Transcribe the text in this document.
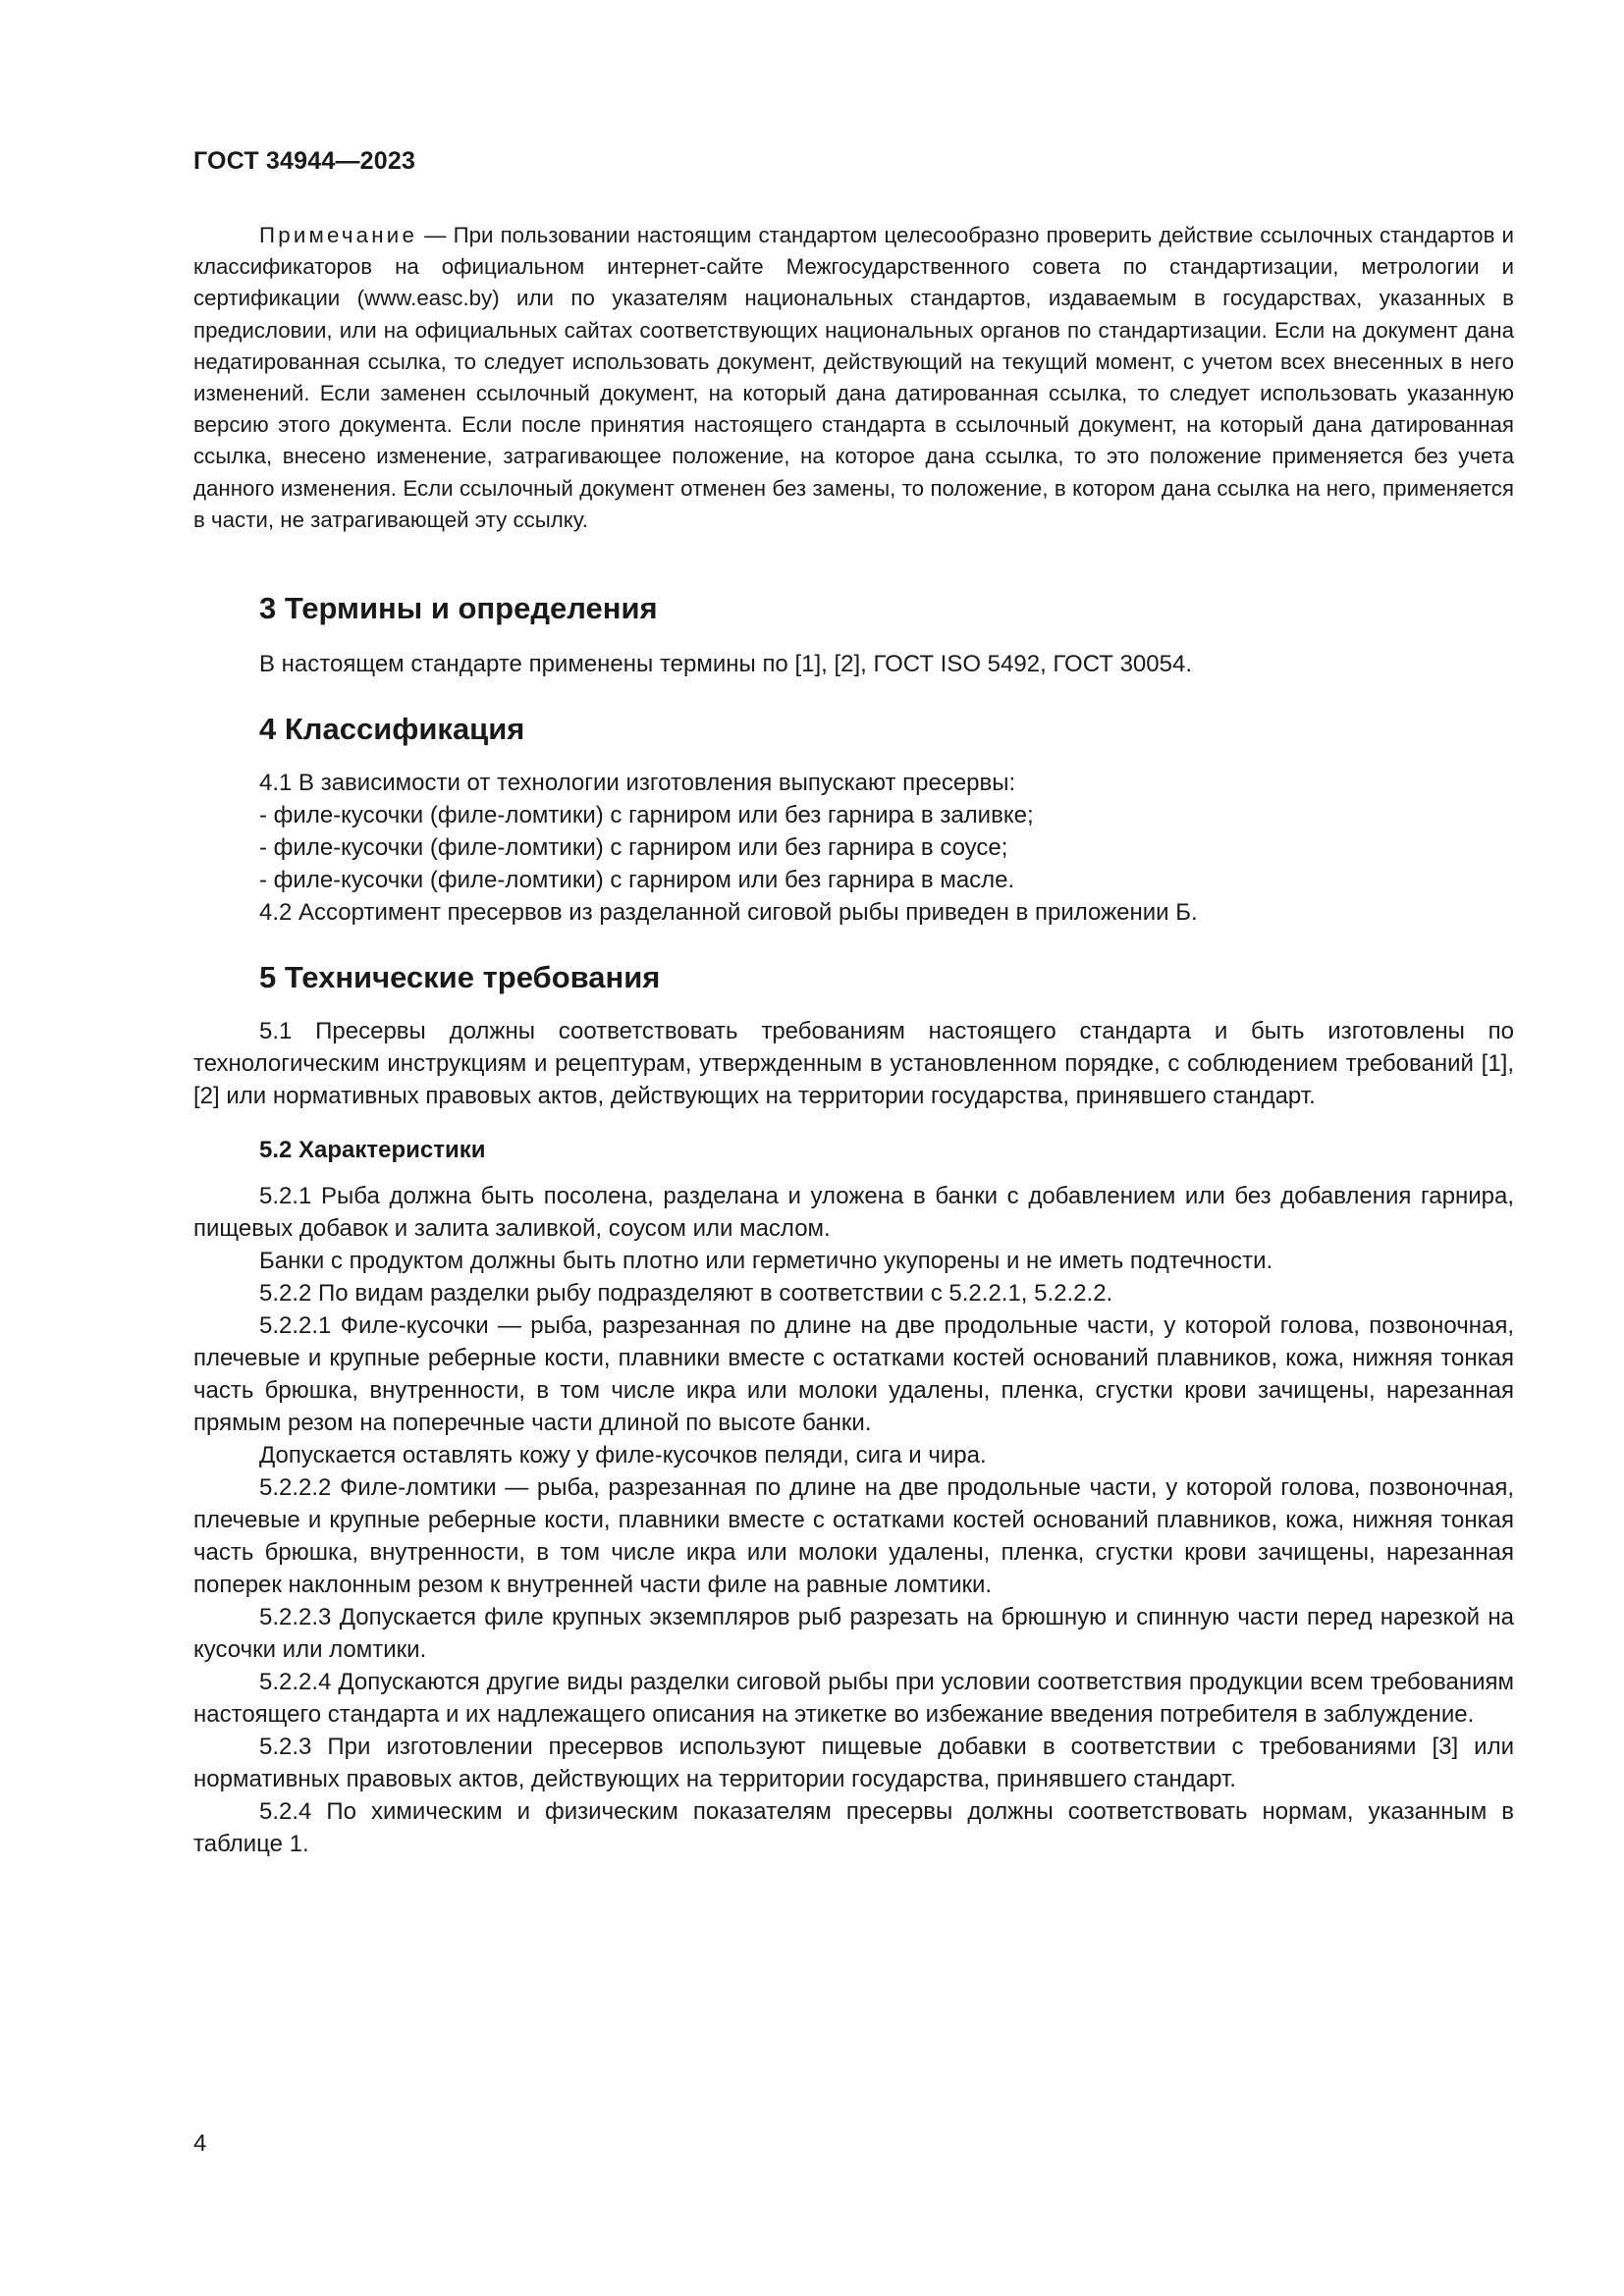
ГОСТ 34944—2023

Примечание — При пользовании настоящим стандартом целесообразно проверить действие ссылочных стандартов и классификаторов на официальном интернет-сайте Межгосударственного совета по стандартизации, метрологии и сертификации (www.easc.by) или по указателям национальных стандартов, издаваемым в государствах, указанных в предисловии, или на официальных сайтах соответствующих национальных органов по стандартизации. Если на документ дана недатированная ссылка, то следует использовать документ, действующий на текущий момент, с учетом всех внесенных в него изменений. Если заменен ссылочный документ, на который дана датированная ссылка, то следует использовать указанную версию этого документа. Если после принятия настоящего стандарта в ссылочный документ, на который дана датированная ссылка, внесено изменение, затрагивающее положение, на которое дана ссылка, то это положение применяется без учета данного изменения. Если ссылочный документ отменен без замены, то положение, в котором дана ссылка на него, применяется в части, не затрагивающей эту ссылку.

3 Термины и определения

В настоящем стандарте применены термины по [1], [2], ГОСТ ISO 5492, ГОСТ 30054.

4 Классификация

4.1 В зависимости от технологии изготовления выпускают пресервы:

- филе-кусочки (филе-ломтики) с гарниром или без гарнира в заливке;

- филе-кусочки (филе-ломтики) с гарниром или без гарнира в соусе;

- филе-кусочки (филе-ломтики) с гарниром или без гарнира в масле.

4.2 Ассортимент пресервов из разделанной сиговой рыбы приведен в приложении Б.

5 Технические требования

5.1 Пресервы должны соответствовать требованиям настоящего стандарта и быть изготовлены по технологическим инструкциям и рецептурам, утвержденным в установленном порядке, с соблюдением требований [1], [2] или нормативных правовых актов, действующих на территории государства, принявшего стандарт.

5.2 Характеристики

5.2.1 Рыба должна быть посолена, разделана и уложена в банки с добавлением или без добавления гарнира, пищевых добавок и залита заливкой, соусом или маслом.

Банки с продуктом должны быть плотно или герметично укупорены и не иметь подтечности.

5.2.2 По видам разделки рыбу подразделяют в соответствии с 5.2.2.1, 5.2.2.2.

5.2.2.1 Филе-кусочки — рыба, разрезанная по длине на две продольные части, у которой голова, позвоночная, плечевые и крупные реберные кости, плавники вместе с остатками костей оснований плавников, кожа, нижняя тонкая часть брюшка, внутренности, в том числе икра или молоки удалены, пленка, сгустки крови зачищены, нарезанная прямым резом на поперечные части длиной по высоте банки.

Допускается оставлять кожу у филе-кусочков пеляди, сига и чира.

5.2.2.2 Филе-ломтики — рыба, разрезанная по длине на две продольные части, у которой голова, позвоночная, плечевые и крупные реберные кости, плавники вместе с остатками костей оснований плавников, кожа, нижняя тонкая часть брюшка, внутренности, в том числе икра или молоки удалены, пленка, сгустки крови зачищены, нарезанная поперек наклонным резом к внутренней части филе на равные ломтики.

5.2.2.3 Допускается филе крупных экземпляров рыб разрезать на брюшную и спинную части перед нарезкой на кусочки или ломтики.

5.2.2.4 Допускаются другие виды разделки сиговой рыбы при условии соответствия продукции всем требованиям настоящего стандарта и их надлежащего описания на этикетке во избежание введения потребителя в заблуждение.

5.2.3 При изготовлении пресервов используют пищевые добавки в соответствии с требованиями [3] или нормативных правовых актов, действующих на территории государства, принявшего стандарт.

5.2.4 По химическим и физическим показателям пресервы должны соответствовать нормам, указанным в таблице 1.

4
